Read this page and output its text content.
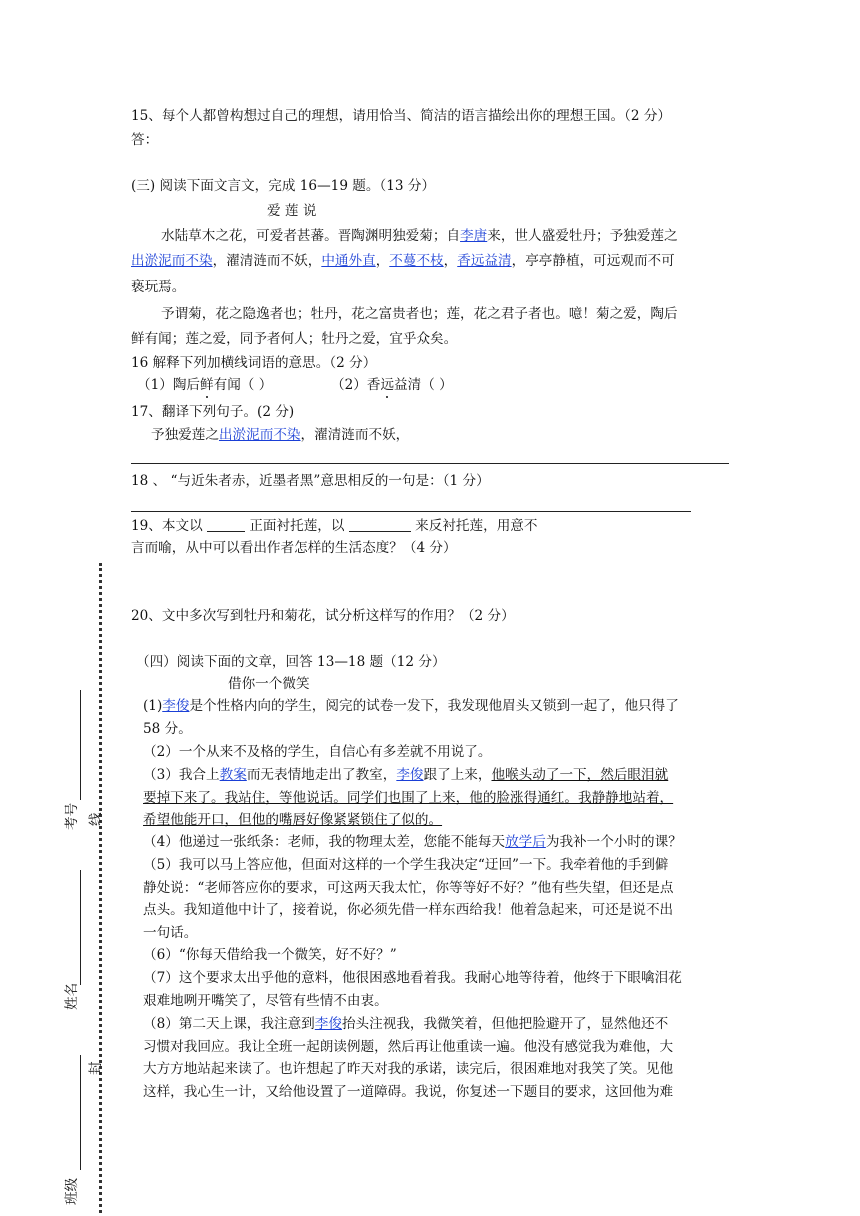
15、每个人都曾构想过自己的理想，请用恰当、简洁的语言描绘出你的理想王国。（2 分）
答：
(三) 阅读下面文言文，完成 16—19 题。（13 分）
爱 莲 说
水陆草木之花，可爱者甚蕃。晋陶渊明独爱菊；自李唐来，世人盛爱牡丹；予独爱莲之
出淤泥而不染，濯清涟而不妖，中通外直，不蔓不枝，香远益清，亭亭静植，可远观而不可
亵玩焉。
予谓菊，花之隐逸者也；牡丹，花之富贵者也；莲，花之君子者也。噫！菊之爱，陶后
鲜有闻；莲之爱，同予者何人；牡丹之爱，宜乎众矣。
16 解释下列加横线词语的意思。（2 分）
（1）陶后鲜有闻（ ）	（2）香远益清（ ）
17、翻译下列句子。(2 分)
予独爱莲之出淤泥而不染，濯清涟而不妖，
18 、 “与近朱者赤，近墨者黑”意思相反的一句是：（1 分）
19、本文以	正面衬托莲，以	来反衬托莲，用意不
言而喻，从中可以看出作者怎样的生活态度？（4 分）
20、文中多次写到牡丹和菊花，试分析这样写的作用？（2 分）
（四）阅读下面的文章，回答 13—18 题（12 分）
借你一个微笑
(1)李俊是个性格内向的学生，阅完的试卷一发下，我发现他眉头又锁到一起了，他只得了
58 分。
（2）一个从来不及格的学生，自信心有多差就不用说了。
（3）我合上教案而无表情地走出了教室，李俊跟了上来，他喉头动了一下，然后眼泪就
要掉下来了。我站住，等他说话。同学们也围了上来，他的脸涨得通红。我静静地站着，
希望他能开口，但他的嘴唇好像紧紧锁住了似的。
（4）他递过一张纸条：老师，我的物理太差，您能不能每天放学后为我补一个小时的课？
（5）我可以马上答应他，但面对这样的一个学生我决定“迂回”一下。我牵着他的手到僻
静处说：“老师答应你的要求，可这两天我太忙，你等等好不好？”他有些失望，但还是点
点头。我知道他中计了，接着说，你必须先借一样东西给我！他着急起来，可还是说不出
一句话。
（6）“你每天借给我一个微笑，好不好？”
（7）这个要求太出乎他的意料，他很困惑地看着我。我耐心地等待着，他终于下眼噙泪花
艰难地咧开嘴笑了，尽管有些情不由衷。
（8）第二天上课，我注意到李俊抬头注视我，我微笑着，但他把脸避开了，显然他还不
习惯对我回应。我让全班一起朗读例题，然后再让他重读一遍。他没有感觉我为难他，大
大方方地站起来读了。也许想起了昨天对我的承诺，读完后，很困难地对我笑了笑。见他
这样，我心生一计，又给他设置了一道障碍。我说，你复述一下题目的要求，这回他为难
考号 线
姓名
封
班级
